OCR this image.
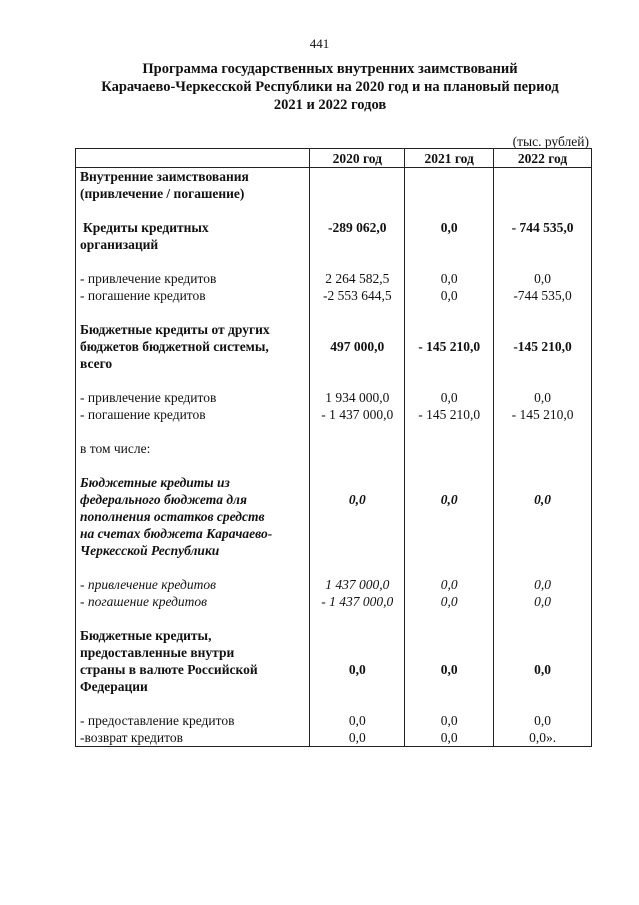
441
Программа государственных внутренних заимствований
Карачаево-Черкесской Республики на 2020 год и на плановый период
2021 и 2022 годов
(тыс. рублей)
	2020 год	2021 год	2022 год

Внутренние заимствования
(привлечение / погашение)			

Кредиты кредитных
организаций	-289 062,0	0,0	- 744 535,0

- привлечение кредитов	2 264 582,5	0,0	0,0
- погашение кредитов	-2 553 644,5	0,0	-744 535,0

Бюджетные кредиты от других
бюджетов бюджетной системы,
всего	497 000,0	- 145 210,0	-145 210,0

- привлечение кредитов	1 934 000,0	0,0	0,0
- погашение кредитов	- 1 437 000,0	- 145 210,0	- 145 210,0

в том числе:			

Бюджетные кредиты из
федерального бюджета для
пополнения остатков средств
на счетах бюджета Карачаево-
Черкесской Республики	0,0	0,0	0,0

- привлечение кредитов	1 437 000,0	0,0	0,0
- погашение кредитов	- 1 437 000,0	0,0	0,0

Бюджетные кредиты,
предоставленные внутри
страны в валюте Российской
Федерации	0,0	0,0	0,0

- предоставление кредитов	0,0	0,0	0,0
-возврат кредитов	0,0	0,0	0,0».
